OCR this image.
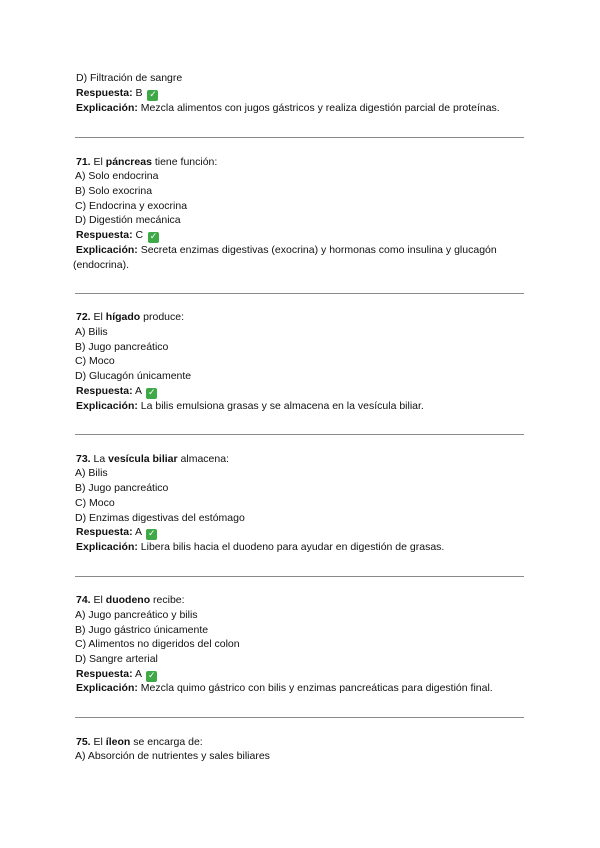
D) Filtración de sangre
Respuesta: B ✓
Explicación: Mezcla alimentos con jugos gástricos y realiza digestión parcial de proteínas.
71. El páncreas tiene función:
A) Solo endocrina
B) Solo exocrina
C) Endocrina y exocrina
D) Digestión mecánica
Respuesta: C ✓
Explicación: Secreta enzimas digestivas (exocrina) y hormonas como insulina y glucagón (endocrina).
72. El hígado produce:
A) Bilis
B) Jugo pancreático
C) Moco
D) Glucagón únicamente
Respuesta: A ✓
Explicación: La bilis emulsiona grasas y se almacena en la vesícula biliar.
73. La vesícula biliar almacena:
A) Bilis
B) Jugo pancreático
C) Moco
D) Enzimas digestivas del estómago
Respuesta: A ✓
Explicación: Libera bilis hacia el duodeno para ayudar en digestión de grasas.
74. El duodeno recibe:
A) Jugo pancreático y bilis
B) Jugo gástrico únicamente
C) Alimentos no digeridos del colon
D) Sangre arterial
Respuesta: A ✓
Explicación: Mezcla quimo gástrico con bilis y enzimas pancreáticas para digestión final.
75. El íleon se encarga de:
A) Absorción de nutrientes y sales biliares
